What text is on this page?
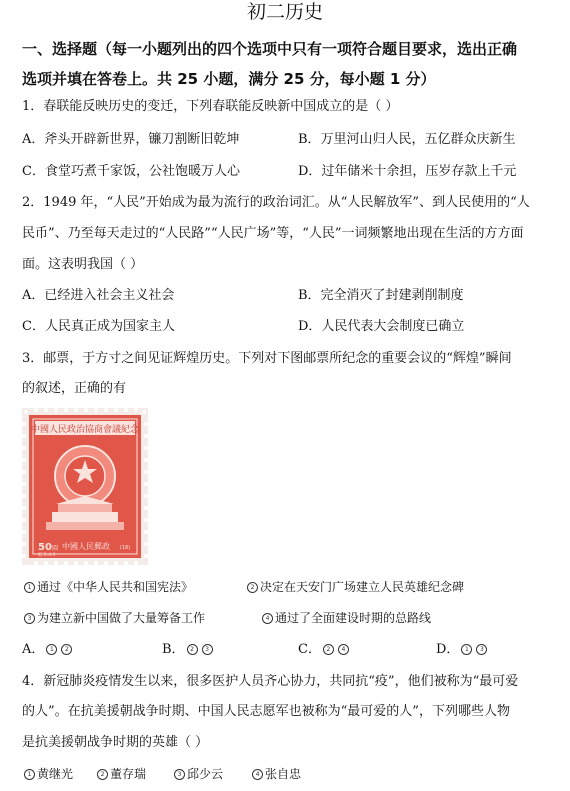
初二历史
一、选择题（每一小题列出的四个选项中只有一项符合题目要求，选出正确
选项并填在答卷上。共 25 小题，满分 25 分，每小题 1 分）
1．春联能反映历史的变迁，下列春联能反映新中国成立的是（ ）
A．斧头开辟新世界，镰刀割断旧乾坤	B．万里河山归人民，五亿群众庆新生
C．食堂巧煮千家饭，公社饱暖万人心	D．过年储米十余担，压岁存款上千元
2．1949 年，“人民”开始成为最为流行的政治词汇。从“人民解放军”、到人民使用的“人
民币”、乃至每天走过的“人民路”“人民广场”等，“人民”一词频繁地出现在生活的方方面
面。这表明我国（ ）
A．已经进入社会主义社会	B．完全消灭了封建剥削制度
C．人民真正成为国家主人	D．人民代表大会制度已确立
3．邮票，于方寸之间见证辉煌历史。下列对下图邮票所纪念的重要会议的“辉煌”瞬间
的叙述，正确的有
中國人民政治協商會議紀念
50 圓 中國人民郵政 (18)
紀 2.4-1
1 通过《中华人民共和国宪法》	2 决定在天安门广场建立人民英雄纪念碑
3 为建立新中国做了大量筹备工作	4 通过了全面建设时期的总路线
A． 1 2	B． 2 3	C． 2 4	D． 1 3
4．新冠肺炎疫情发生以来，很多医护人员齐心协力，共同抗“疫”，他们被称为“最可爱
的人”。在抗美援朝战争时期、中国人民志愿军也被称为“最可爱的人”，下列哪些人物
是抗美援朝战争时期的英雄（ ）
1 黄继光	2 董存瑞	3 邱少云	4 张自忠
